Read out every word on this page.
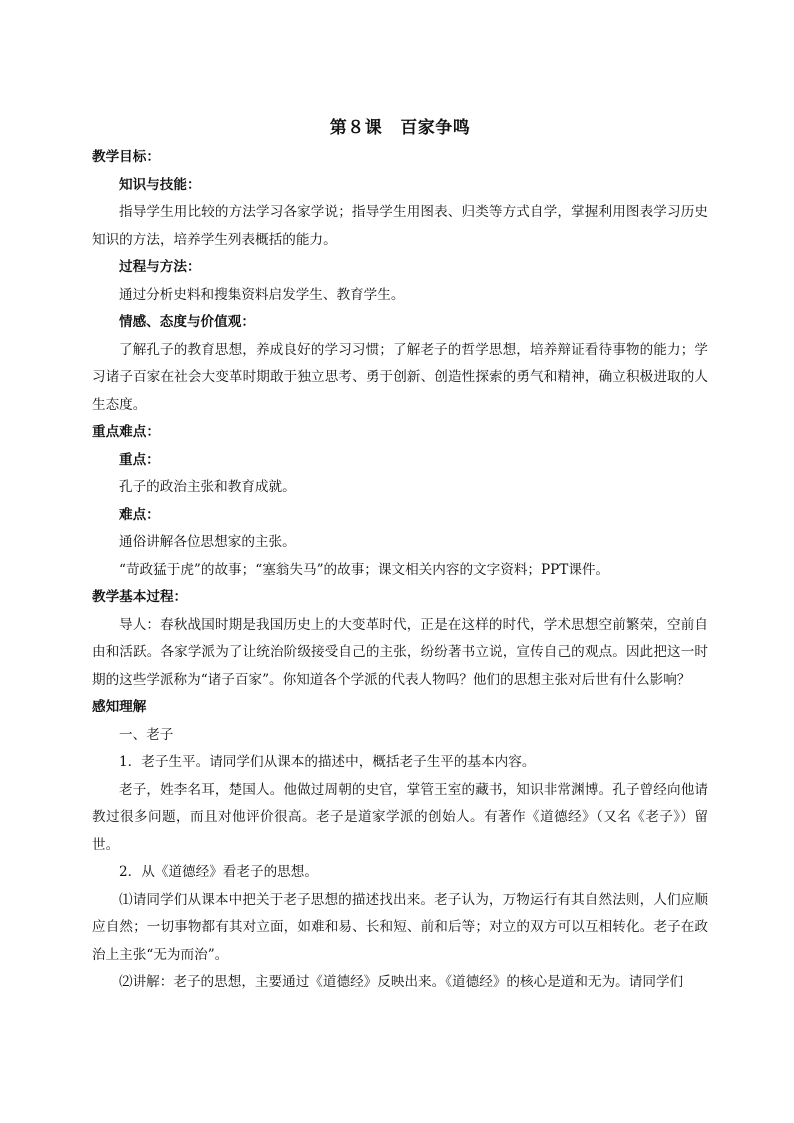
第８课 百家争鸣

教学目标：

知识与技能：

指导学生用比较的方法学习各家学说；指导学生用图表、归类等方式自学，掌握利用图表学习历史知识的方法，培养学生列表概括的能力。

过程与方法：

通过分析史料和搜集资料启发学生、教育学生。

情感、态度与价值观：

了解孔子的教育思想，养成良好的学习习惯；了解老子的哲学思想，培养辩证看待事物的能力；学习诸子百家在社会大变革时期敢于独立思考、勇于创新、创造性探索的勇气和精神，确立积极进取的人生态度。

重点难点：

重点：

孔子的政治主张和教育成就。

难点：

通俗讲解各位思想家的主张。

“苛政猛于虎”的故事；“塞翁失马”的故事；课文相关内容的文字资料；PPT课件。

教学基本过程：

导人：春秋战国时期是我国历史上的大变革时代，正是在这样的时代，学术思想空前繁荣，空前自由和活跃。各家学派为了让统治阶级接受自己的主张，纷纷著书立说，宣传自己的观点。因此把这一时期的这些学派称为“诸子百家”。你知道各个学派的代表人物吗？他们的思想主张对后世有什么影响？

感知理解

一、老子

1．老子生平。请同学们从课本的描述中，概括老子生平的基本内容。

老子，姓李名耳，楚国人。他做过周朝的史官，掌管王室的藏书，知识非常渊博。孔子曾经向他请教过很多问题，而且对他评价很高。老子是道家学派的创始人。有著作《道德经》（又名《老子》）留世。

2．从《道德经》看老子的思想。

⑴请同学们从课本中把关于老子思想的描述找出来。老子认为，万物运行有其自然法则，人们应顺应自然；一切事物都有其对立面，如难和易、长和短、前和后等；对立的双方可以互相转化。老子在政治上主张“无为而治”。

⑵讲解：老子的思想，主要通过《道德经》反映出来。《道德经》的核心是道和无为。请同学们
